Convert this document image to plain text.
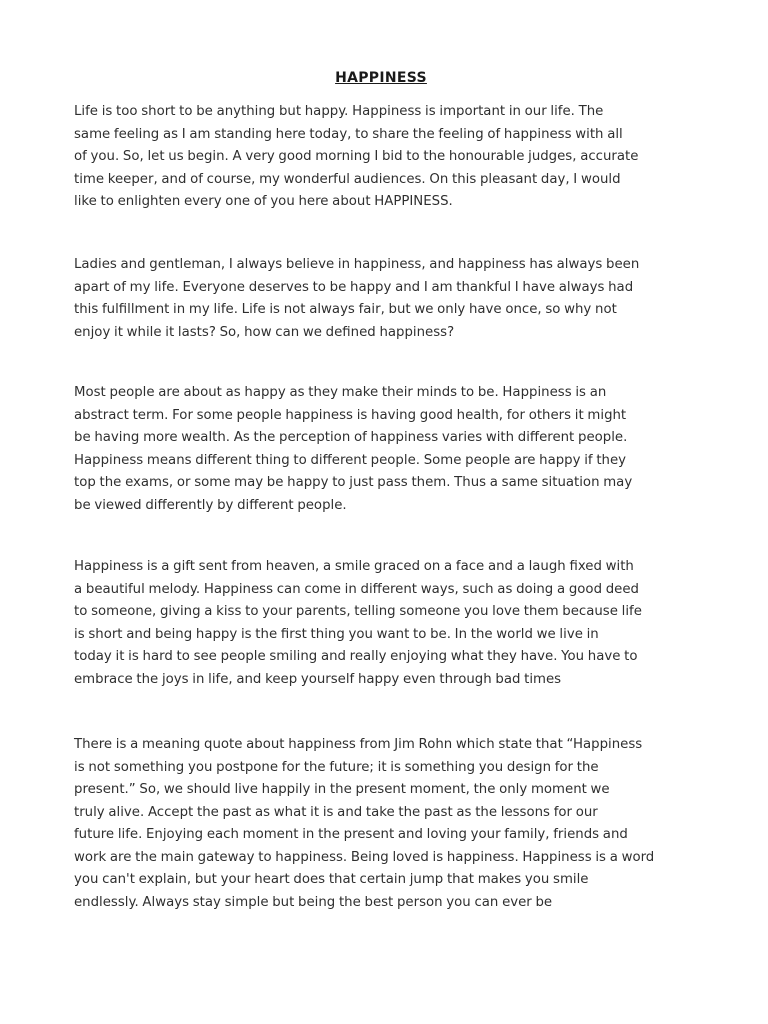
HAPPINESS
Life is too short to be anything but happy. Happiness is important in our life. The
same feeling as I am standing here today, to share the feeling of happiness with all
of you. So, let us begin. A very good morning I bid to the honourable judges, accurate
time keeper, and of course, my wonderful audiences. On this pleasant day, I would
like to enlighten every one of you here about HAPPINESS.
Ladies and gentleman, I always believe in happiness, and happiness has always been
apart of my life. Everyone deserves to be happy and I am thankful I have always had
this fulfillment in my life. Life is not always fair, but we only have once, so why not
enjoy it while it lasts? So, how can we defined happiness?
Most people are about as happy as they make their minds to be. Happiness is an
abstract term. For some people happiness is having good health, for others it might
be having more wealth. As the perception of happiness varies with different people.
Happiness means different thing to different people. Some people are happy if they
top the exams, or some may be happy to just pass them. Thus a same situation may
be viewed differently by different people.
Happiness is a gift sent from heaven, a smile graced on a face and a laugh fixed with
a beautiful melody. Happiness can come in different ways, such as doing a good deed
to someone, giving a kiss to your parents, telling someone you love them because life
is short and being happy is the first thing you want to be. In the world we live in
today it is hard to see people smiling and really enjoying what they have. You have to
embrace the joys in life, and keep yourself happy even through bad times
There is a meaning quote about happiness from Jim Rohn which state that “Happiness
is not something you postpone for the future; it is something you design for the
present.” So, we should live happily in the present moment, the only moment we
truly alive. Accept the past as what it is and take the past as the lessons for our
future life. Enjoying each moment in the present and loving your family, friends and
work are the main gateway to happiness. Being loved is happiness. Happiness is a word
you can't explain, but your heart does that certain jump that makes you smile
endlessly. Always stay simple but being the best person you can ever be
